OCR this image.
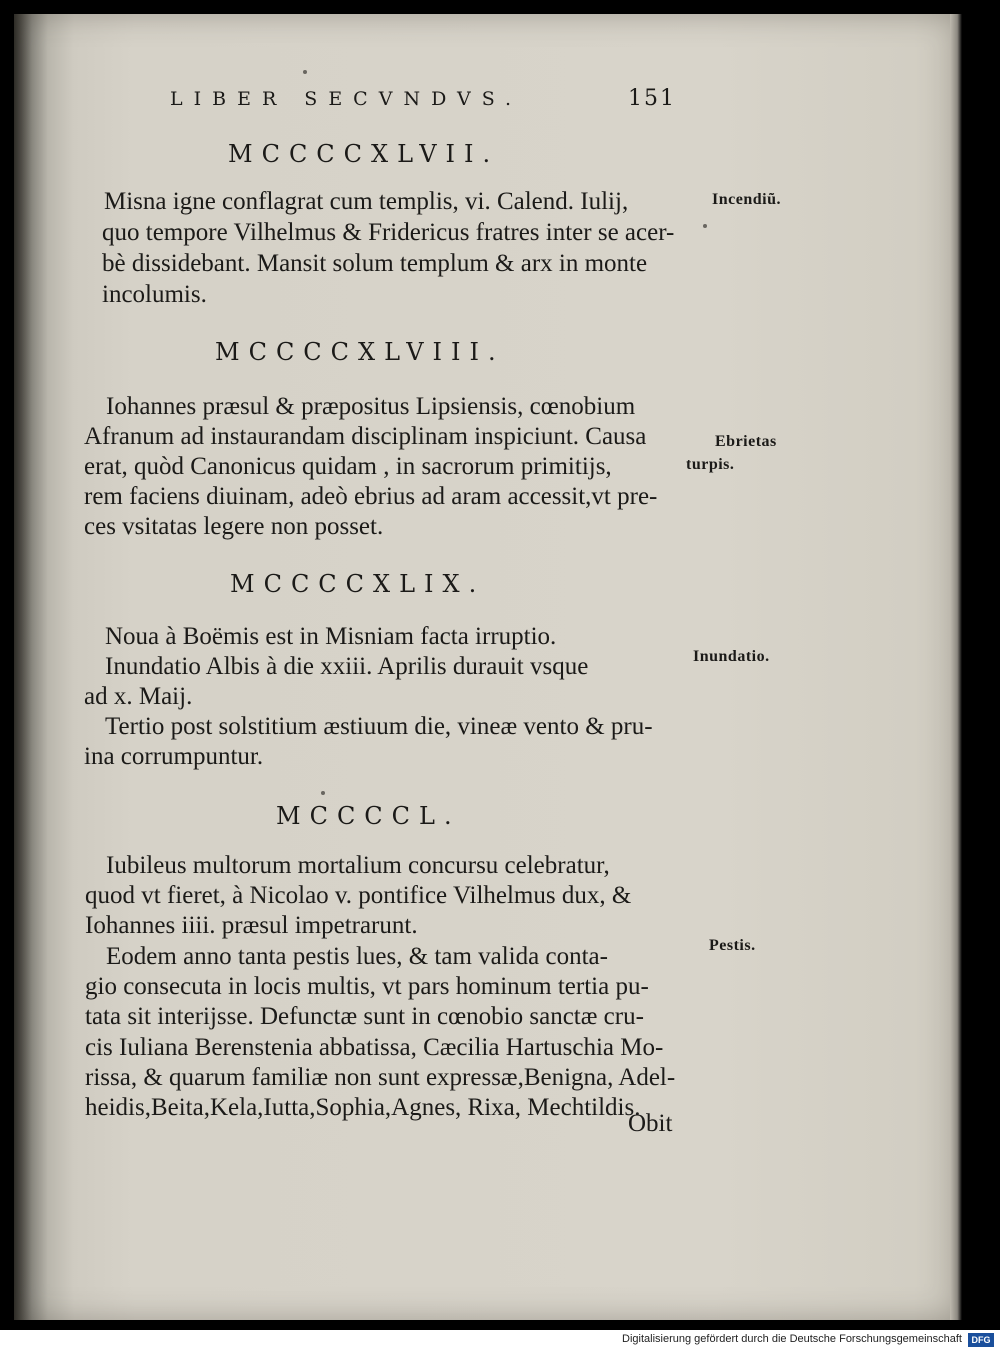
LIBER SECVNDVS.	151
MCCCCXLVII.
Misna igne conflagrat cum templis, vi. Calend. Iulij,
quo tempore Vilhelmus & Fridericus fratres inter se acer-
bè dissidebant. Mansit solum templum & arx in monte
incolumis.
Incendiũ.
MCCCCXLVIII.
Iohannes præsul & præpositus Lipsiensis, cœnobium
Afranum ad instaurandam disciplinam inspiciunt. Causa
erat, quòd Canonicus quidam , in sacrorum primitijs,
rem faciens diuinam, adeò ebrius ad aram accessit,vt pre-
ces vsitatas legere non posset.
Ebrietas
turpis.
MCCCCXLIX.
Noua à Boëmis est in Misniam facta irruptio.
Inundatio Albis à die xxiii. Aprilis durauit vsque
ad x. Maij.
Tertio post solstitium æstiuum die, vineæ vento & pru-
ina corrumpuntur.
Inundatio.
MCCCCL.
Iubileus multorum mortalium concursu celebratur,
quod vt fieret, à Nicolao v. pontifice Vilhelmus dux, &
Iohannes iiii. præsul impetrarunt.
Eodem anno tanta pestis lues, & tam valida conta-
gio consecuta in locis multis, vt pars hominum tertia pu-
tata sit interijsse. Defunctæ sunt in cœnobio sanctæ cru-
cis Iuliana Berenstenia abbatissa, Cæcilia Hartuschia Mo-
rissa, & quarum familiæ non sunt expressæ,Benigna, Adel-
heidis,Beita,Kela,Iutta,Sophia,Agnes, Rixa, Mechtildis.
Pestis.
Obit
Digitalisierung gefördert durch die Deutsche Forschungsgemeinschaft	DFG
